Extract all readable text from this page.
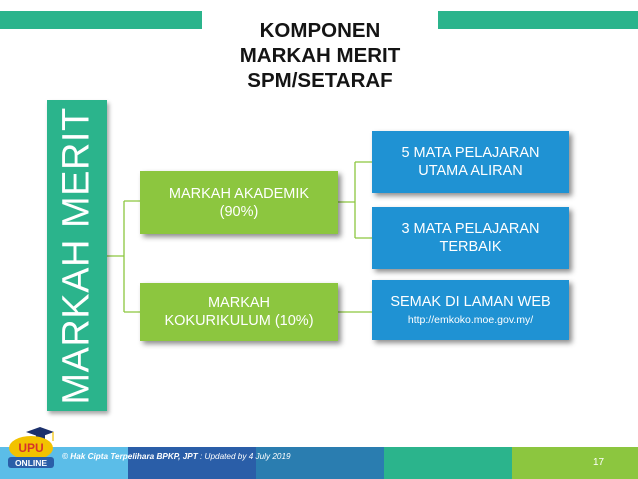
KOMPONEN
MARKAH MERIT
SPM/SETARAF
MARKAH MERIT	MARKAH AKADEMIK
(90%)
MARKAH
KOKURIKULUM (10%)
5 MATA PELAJARAN
UTAMA ALIRAN
3 MATA PELAJARAN
TERBAIK
SEMAK DI LAMAN WEB
http://emkoko.moe.gov.my/
© Hak Cipta Terpelihara BPKP, JPT : Updated by 4 July 2019
17
UPU
ONLINE
